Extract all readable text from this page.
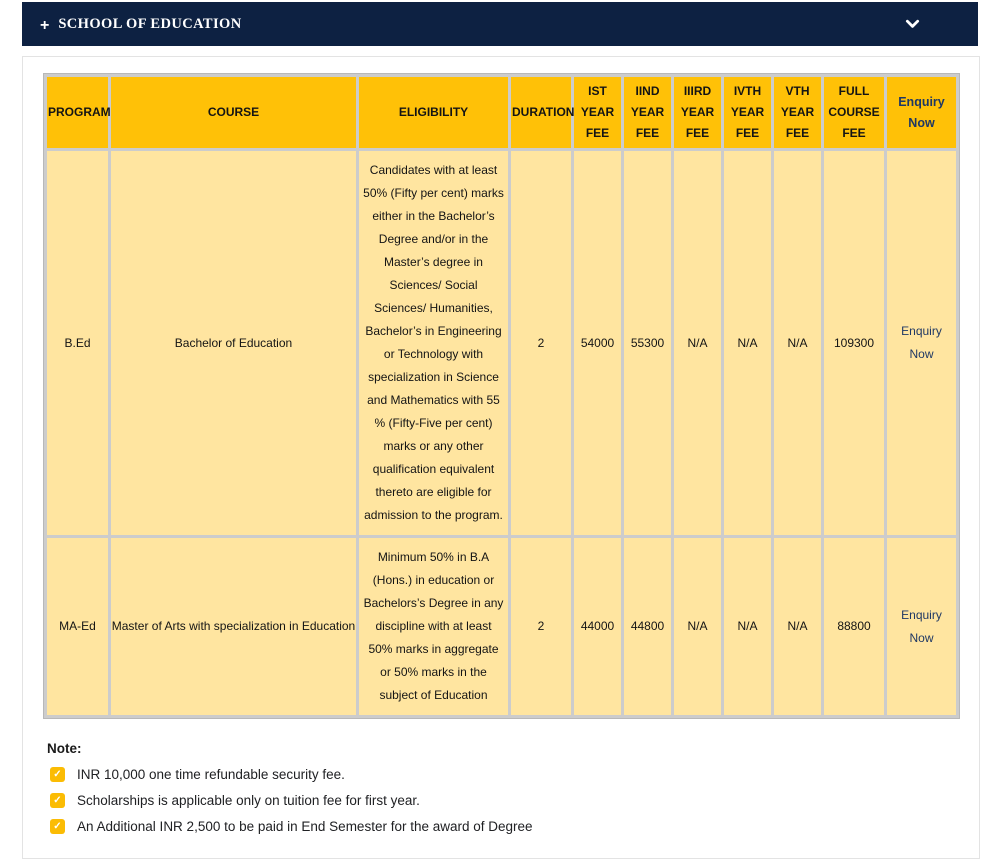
+ SCHOOL OF EDUCATION
PROGRAM	COURSE	ELIGIBILITY	DURATION	IST YEAR FEE	IIND YEAR FEE	IIIRD YEAR FEE	IVTH YEAR FEE	VTH YEAR FEE	FULL COURSE FEE	Enquiry Now
B.Ed	Bachelor of Education	Candidates with at least 50% (Fifty per cent) marks either in the Bachelor’s Degree and/or in the Master’s degree in Sciences/ Social Sciences/ Humanities, Bachelor’s in Engineering or Technology with specialization in Science and Mathematics with 55 % (Fifty-Five per cent) marks or any other qualification equivalent thereto are eligible for admission to the program.	2	54000	55300	N/A	N/A	N/A	109300	Enquiry Now
MA-Ed	Master of Arts with specialization in Education	Minimum 50% in B.A (Hons.) in education or Bachelors’s Degree in any discipline with at least 50% marks in aggregate or 50% marks in the subject of Education	2	44000	44800	N/A	N/A	N/A	88800	Enquiry Now
Note:
✓ INR 10,000 one time refundable security fee.
✓ Scholarships is applicable only on tuition fee for first year.
✓ An Additional INR 2,500 to be paid in End Semester for the award of Degree
